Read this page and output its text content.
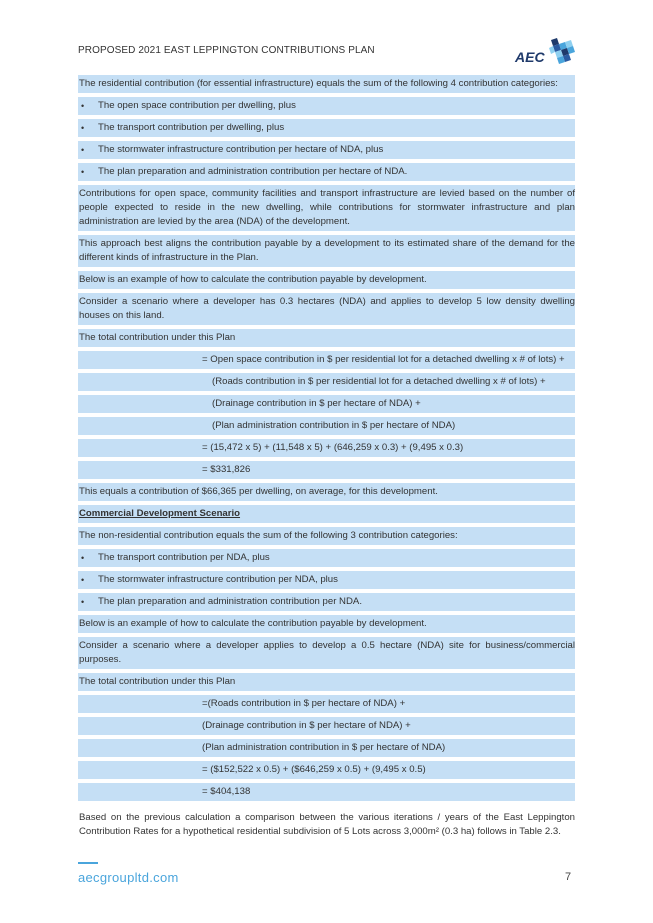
PROPOSED 2021 EAST LEPPINGTON CONTRIBUTIONS PLAN	AEC
The residential contribution (for essential infrastructure) equals the sum of the following 4 contribution categories:
• The open space contribution per dwelling, plus
• The transport contribution per dwelling, plus
• The stormwater infrastructure contribution per hectare of NDA, plus
• The plan preparation and administration contribution per hectare of NDA.
Contributions for open space, community facilities and transport infrastructure are levied based on the number of people expected to reside in the new dwelling, while contributions for stormwater infrastructure and plan administration are levied by the area (NDA) of the development.
This approach best aligns the contribution payable by a development to its estimated share of the demand for the different kinds of infrastructure in the Plan.
Below is an example of how to calculate the contribution payable by development.
Consider a scenario where a developer has 0.3 hectares (NDA) and applies to develop 5 low density dwelling houses on this land.
The total contribution under this Plan
= Open space contribution in $ per residential lot for a detached dwelling x # of lots) +
(Roads contribution in $ per residential lot for a detached dwelling x # of lots) +
(Drainage contribution in $ per hectare of NDA) +
(Plan administration contribution in $ per hectare of NDA)
= (15,472 x 5) + (11,548 x 5) + (646,259 x 0.3) + (9,495 x 0.3)
= $331,826
This equals a contribution of $66,365 per dwelling, on average, for this development.
Commercial Development Scenario
The non-residential contribution equals the sum of the following 3 contribution categories:
• The transport contribution per NDA, plus
• The stormwater infrastructure contribution per NDA, plus
• The plan preparation and administration contribution per NDA.
Below is an example of how to calculate the contribution payable by development.
Consider a scenario where a developer applies to develop a 0.5 hectare (NDA) site for business/commercial purposes.
The total contribution under this Plan
=(Roads contribution in $ per hectare of NDA) +
(Drainage contribution in $ per hectare of NDA) +
(Plan administration contribution in $ per hectare of NDA)
= ($152,522 x 0.5) + ($646,259 x 0.5) + (9,495 x 0.5)
= $404,138
Based on the previous calculation a comparison between the various iterations / years of the East Leppington Contribution Rates for a hypothetical residential subdivision of 5 Lots across 3,000m² (0.3 ha) follows in Table 2.3.
aecgroupltd.com	7
